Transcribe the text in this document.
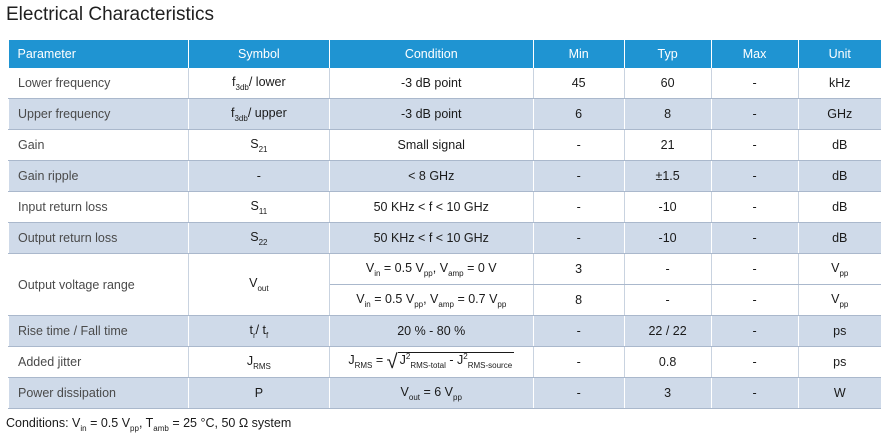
Electrical Characteristics
Parameter	Symbol	Condition	Min	Typ	Max	Unit
Lower frequency	$f_{3db}/$ lower	-3 dB point	45	60	-	kHz
Upper frequency	$f_{3db}/$ upper	-3 dB point	6	8	-	GHz
Gain	$S_{21}$	Small signal	-	21	-	dB
Gain ripple	-	< 8 GHz	-	±1.5	-	dB
Input return loss	$S_{11}$	50 KHz < f < 10 GHz	-	-10	-	dB
Output return loss	$S_{22}$	50 KHz < f < 10 GHz	-	-10	-	dB
Output voltage range	$V_{out}$	$V_{in} = 0.5$ $V_{pp}$, $V_{amp} = 0$ V	3	-	-	$V_{pp}$
		$V_{in} = 0.5$ $V_{pp}$, $V_{amp} = 0.7$ $V_{pp}$	8	-	-	$V_{pp}$
Rise time / Fall time	$t_r/$ $t_f$	20 % - 80 %	-	22 / 22	-	ps
Added jitter	$J_{RMS}$	$J_{RMS}$ = √ $J^2_{RMS-total} - J^2_{RMS-source}$	-	0.8	-	ps
Power dissipation	P	$V_{out} = 6$ $V_{pp}$	-	3	-	W
Conditions: $V_{in} = 0.5$ $V_{pp}$, $T_{amb} = 25$ °C, 50 Ω system
